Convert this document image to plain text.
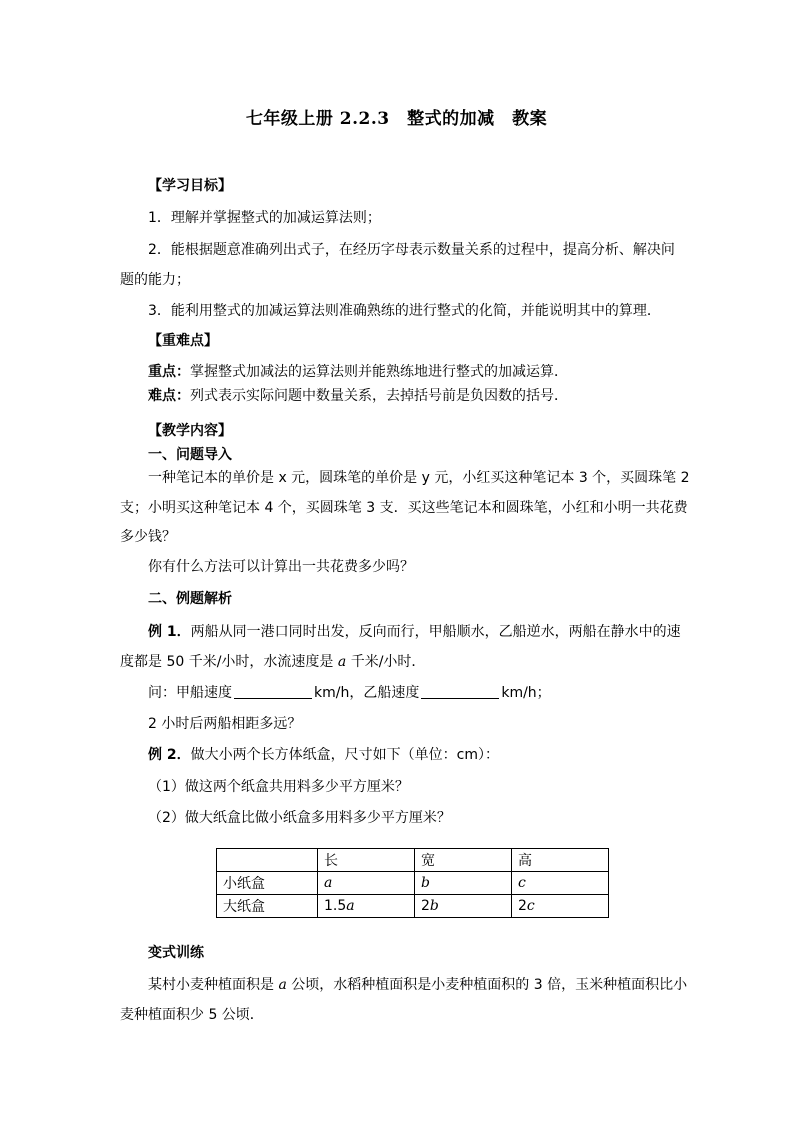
七年级上册 2.2.3　整式的加减　教案
【学习目标】
1．理解并掌握整式的加减运算法则；
2．能根据题意准确列出式子，在经历字母表示数量关系的过程中，提高分析、解决问
题的能力；
3．能利用整式的加减运算法则准确熟练的进行整式的化简，并能说明其中的算理．
【重难点】
重点：掌握整式加减法的运算法则并能熟练地进行整式的加减运算．
难点：列式表示实际问题中数量关系，去掉括号前是负因数的括号．
【教学内容】
一、问题导入
一种笔记本的单价是 x 元，圆珠笔的单价是 y 元，小红买这种笔记本 3 个，买圆珠笔 2
支；小明买这种笔记本 4 个，买圆珠笔 3 支．买这些笔记本和圆珠笔，小红和小明一共花费
多少钱？
你有什么方法可以计算出一共花费多少吗？
二、例题解析
例 1．两船从同一港口同时出发，反向而行，甲船顺水，乙船逆水，两船在静水中的速
度都是 50 千米/小时，水流速度是 a 千米/小时．
问：甲船速度	km/h，乙船速度	km/h；
2 小时后两船相距多远？
例 2．做大小两个长方体纸盒，尺寸如下（单位：cm）：
（1）做这两个纸盒共用料多少平方厘米？
（2）做大纸盒比做小纸盒多用料多少平方厘米？
	长	宽	高
小纸盒	a	b	c
大纸盒	1.5a	2b	2c
变式训练
某村小麦种植面积是 a 公顷，水稻种植面积是小麦种植面积的 3 倍，玉米种植面积比小
麦种植面积少 5 公顷．
